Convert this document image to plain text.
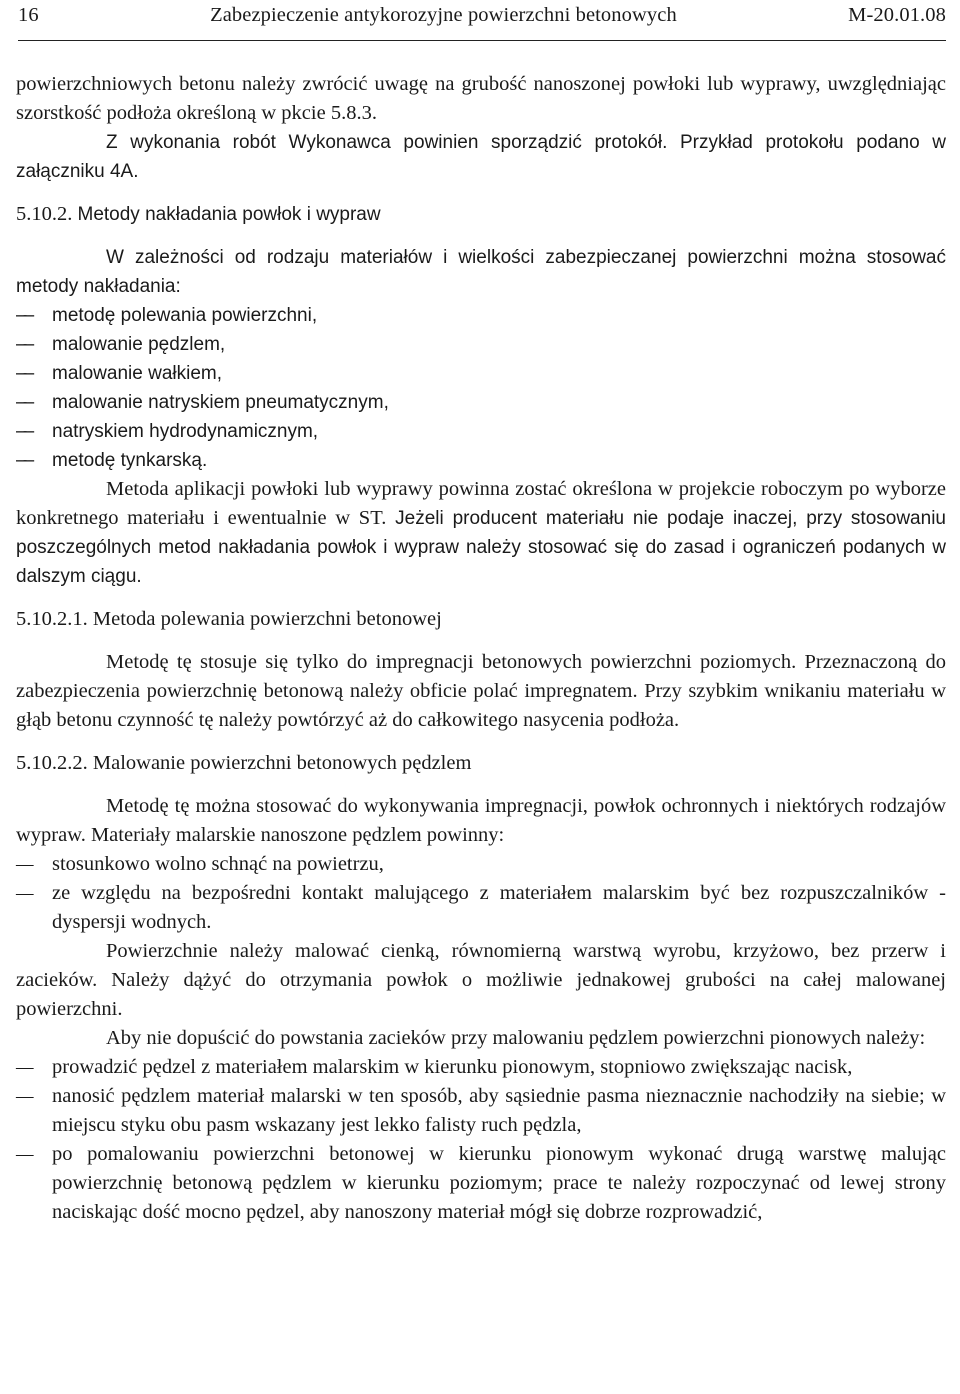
16	Zabezpieczenie antykorozyjne powierzchni betonowych	M-20.01.08

powierzchniowych betonu należy zwrócić uwagę na grubość nanoszonej powłoki lub wyprawy, uwzględniając szorstkość podłoża określoną w pkcie 5.8.3.

Z wykonania robót Wykonawca powinien sporządzić protokół. Przykład protokołu podano w załączniku 4A.

5.10.2. Metody nakładania powłok i wypraw

W zależności od rodzaju materiałów i wielkości zabezpieczanej powierzchni można stosować metody nakładania:

–– metodę polewania powierzchni,
–– malowanie pędzlem,
–– malowanie wałkiem,
–– malowanie natryskiem pneumatycznym,
–– natryskiem hydrodynamicznym,
–– metodę tynkarską.

Metoda aplikacji powłoki lub wyprawy powinna zostać określona w projekcie roboczym po wyborze konkretnego materiału i ewentualnie w ST. Jeżeli producent materiału nie podaje inaczej, przy stosowaniu poszczególnych metod nakładania powłok i wypraw należy stosować się do zasad i ograniczeń podanych w dalszym ciągu.

5.10.2.1. Metoda polewania powierzchni betonowej

Metodę tę stosuje się tylko do impregnacji betonowych powierzchni poziomych. Przeznaczoną do zabezpieczenia powierzchnię betonową należy obficie polać impregnatem. Przy szybkim wnikaniu materiału w głąb betonu czynność tę należy powtórzyć aż do całkowitego nasycenia podłoża.

5.10.2.2. Malowanie powierzchni betonowych pędzlem

Metodę tę można stosować do wykonywania impregnacji, powłok ochronnych i niektórych rodzajów wypraw. Materiały malarskie nanoszone pędzlem powinny:

–– stosunkowo wolno schnąć na powietrzu,
–– ze względu na bezpośredni kontakt malującego z materiałem malarskim być bez rozpuszczalników - dyspersji wodnych.

Powierzchnie należy malować cienką, równomierną warstwą wyrobu, krzyżowo, bez przerw i zacieków. Należy dążyć do otrzymania powłok o możliwie jednakowej grubości na całej malowanej powierzchni.

Aby nie dopuścić do powstania zacieków przy malowaniu pędzlem powierzchni pionowych należy:

–– prowadzić pędzel z materiałem malarskim w kierunku pionowym, stopniowo zwiększając nacisk,
–– nanosić pędzlem materiał malarski w ten sposób, aby sąsiednie pasma nieznacznie nachodziły na siebie; w miejscu styku obu pasm wskazany jest lekko falisty ruch pędzla,
–– po pomalowaniu powierzchni betonowej w kierunku pionowym wykonać drugą warstwę malując powierzchnię betonową pędzlem w kierunku poziomym; prace te należy rozpoczynać od lewej strony naciskając dość mocno pędzel, aby nanoszony materiał mógł się dobrze rozprowadzić,
